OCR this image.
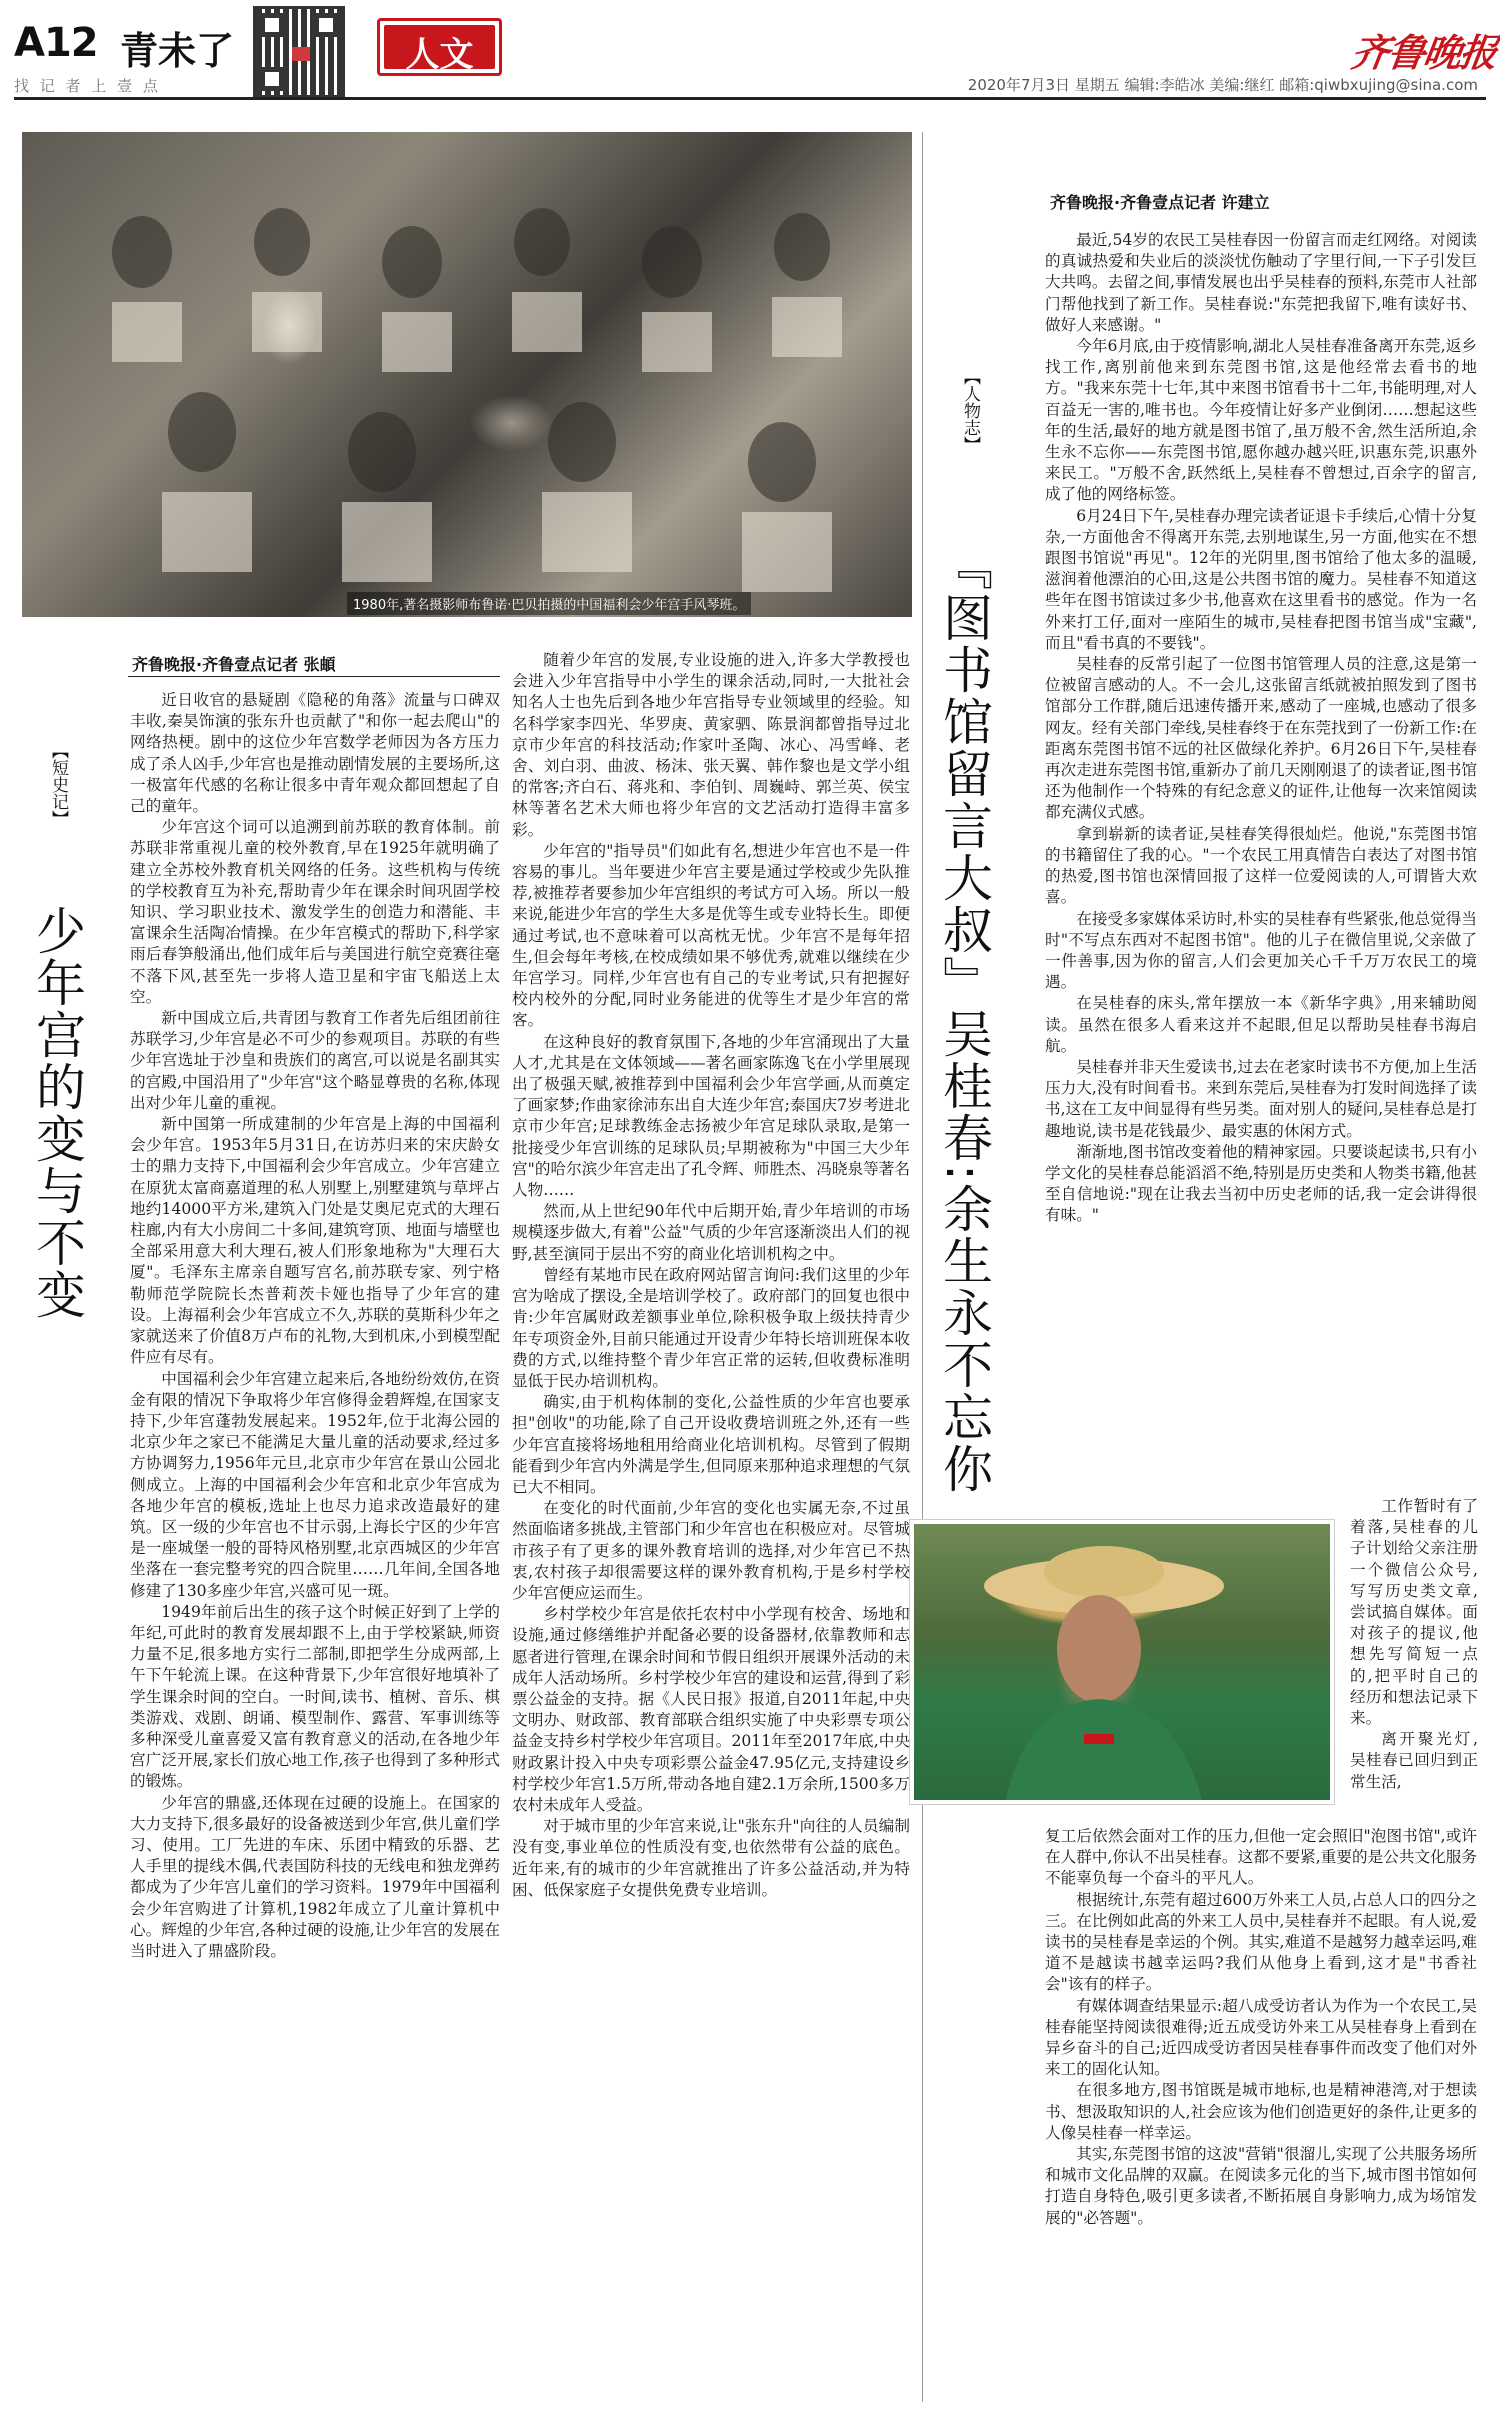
A12 青未了	人文
找 记 者 上 壹 点
齐鲁晚报
2020年7月3日 星期五 编辑:李皓冰 美编:继红 邮箱:qiwbxujing@sina.com
1980年,著名摄影师布鲁诺·巴贝拍摄的中国福利会少年宫手风琴班。
【短史记】
少年宫的变与不变
齐鲁晚报·齐鲁壹点记者 张頔

近日收官的悬疑剧《隐秘的角落》流量与口碑双丰收,秦昊饰演的张东升也贡献了"和你一起去爬山"的网络热梗。剧中的这位少年宫数学老师因为各方压力成了杀人凶手,少年宫也是推动剧情发展的主要场所,这一极富年代感的名称让很多中青年观众都回想起了自己的童年。

少年宫这个词可以追溯到前苏联的教育体制。前苏联非常重视儿童的校外教育,早在1925年就明确了建立全苏校外教育机关网络的任务。这些机构与传统的学校教育互为补充,帮助青少年在课余时间巩固学校知识、学习职业技术、激发学生的创造力和潜能、丰富课余生活陶冶情操。在少年宫模式的帮助下,科学家雨后春笋般涌出,他们成年后与美国进行航空竞赛往毫不落下风,甚至先一步将人造卫星和宇宙飞船送上太空。

新中国成立后,共青团与教育工作者先后组团前往苏联学习,少年宫是必不可少的参观项目。苏联的有些少年宫选址于沙皇和贵族们的离宫,可以说是名副其实的宫殿,中国沿用了"少年宫"这个略显尊贵的名称,体现出对少年儿童的重视。

新中国第一所成建制的少年宫是上海的中国福利会少年宫。1953年5月31日,在访苏归来的宋庆龄女士的鼎力支持下,中国福利会少年宫成立。少年宫建立在原犹太富商嘉道理的私人别墅上,别墅建筑与草坪占地约14000平方米,建筑入门处是艾奥尼克式的大理石柱廊,内有大小房间二十多间,建筑穹顶、地面与墙壁也全部采用意大利大理石,被人们形象地称为"大理石大厦"。毛泽东主席亲自题写宫名,前苏联专家、列宁格勒师范学院院长杰普莉茨卡娅也指导了少年宫的建设。上海福利会少年宫成立不久,苏联的莫斯科少年之家就送来了价值8万卢布的礼物,大到机床,小到模型配件应有尽有。

中国福利会少年宫建立起来后,各地纷纷效仿,在资金有限的情况下争取将少年宫修得金碧辉煌,在国家支持下,少年宫蓬勃发展起来。1952年,位于北海公园的北京少年之家已不能满足大量儿童的活动要求,经过多方协调努力,1956年元旦,北京市少年宫在景山公园北侧成立。上海的中国福利会少年宫和北京少年宫成为各地少年宫的模板,选址上也尽力追求改造最好的建筑。区一级的少年宫也不甘示弱,上海长宁区的少年宫是一座城堡一般的哥特风格别墅,北京西城区的少年宫坐落在一套完整考究的四合院里……几年间,全国各地修建了130多座少年宫,兴盛可见一斑。

1949年前后出生的孩子这个时候正好到了上学的年纪,可此时的教育发展却跟不上,由于学校紧缺,师资力量不足,很多地方实行二部制,即把学生分成两部,上午下午轮流上课。在这种背景下,少年宫很好地填补了学生课余时间的空白。一时间,读书、植树、音乐、棋类游戏、戏剧、朗诵、模型制作、露营、军事训练等多种深受儿童喜爱又富有教育意义的活动,在各地少年宫广泛开展,家长们放心地工作,孩子也得到了多种形式的锻炼。

少年宫的鼎盛,还体现在过硬的设施上。在国家的大力支持下,很多最好的设备被送到少年宫,供儿童们学习、使用。工厂先进的车床、乐团中精致的乐器、艺人手里的提线木偶,代表国防科技的无线电和独龙弹药都成为了少年宫儿童们的学习资料。1979年中国福利会少年宫购进了计算机,1982年成立了儿童计算机中心。辉煌的少年宫,各种过硬的设施,让少年宫的发展在当时进入了鼎盛阶段。

随着少年宫的发展,专业设施的进入,许多大学教授也会进入少年宫指导中小学生的课余活动,同时,一大批社会知名人士也先后到各地少年宫指导专业领域里的经验。知名科学家李四光、华罗庚、黄家驷、陈景润都曾指导过北京市少年宫的科技活动;作家叶圣陶、冰心、冯雪峰、老舍、刘白羽、曲波、杨沫、张天翼、韩作黎也是文学小组的常客;齐白石、蒋兆和、李伯钊、周巍峙、郭兰英、侯宝林等著名艺术大师也将少年宫的文艺活动打造得丰富多彩。

少年宫的"指导员"们如此有名,想进少年宫也不是一件容易的事儿。当年要进少年宫主要是通过学校或少先队推荐,被推荐者要参加少年宫组织的考试方可入场。所以一般来说,能进少年宫的学生大多是优等生或专业特长生。即便通过考试,也不意味着可以高枕无忧。少年宫不是每年招生,但会每年考核,在校成绩如果不够优秀,就难以继续在少年宫学习。同样,少年宫也有自己的专业考试,只有把握好校内校外的分配,同时业务能进的优等生才是少年宫的常客。

在这种良好的教育氛围下,各地的少年宫涌现出了大量人才,尤其是在文体领域——著名画家陈逸飞在小学里展现出了极强天赋,被推荐到中国福利会少年宫学画,从而奠定了画家梦;作曲家徐沛东出自大连少年宫;泰国庆7岁考进北京市少年宫;足球教练金志扬被少年宫足球队录取,是第一批接受少年宫训练的足球队员;早期被称为"中国三大少年宫"的哈尔滨少年宫走出了孔令辉、师胜杰、冯晓泉等著名人物……

然而,从上世纪90年代中后期开始,青少年培训的市场规模逐步做大,有着"公益"气质的少年宫逐渐淡出人们的视野,甚至演同于层出不穷的商业化培训机构之中。

曾经有某地市民在政府网站留言询问:我们这里的少年宫为啥成了摆设,全是培训学校了。政府部门的回复也很中肯:少年宫属财政差额事业单位,除积极争取上级扶持青少年专项资金外,目前只能通过开设青少年特长培训班保本收费的方式,以维持整个青少年宫正常的运转,但收费标准明显低于民办培训机构。

确实,由于机构体制的变化,公益性质的少年宫也要承担"创收"的功能,除了自己开设收费培训班之外,还有一些少年宫直接将场地租用给商业化培训机构。尽管到了假期能看到少年宫内外满是学生,但同原来那种追求理想的气氛已大不相同。

在变化的时代面前,少年宫的变化也实属无奈,不过虽然面临诸多挑战,主管部门和少年宫也在积极应对。尽管城市孩子有了更多的课外教育培训的选择,对少年宫已不热衷,农村孩子却很需要这样的课外教育机构,于是乡村学校少年宫便应运而生。

乡村学校少年宫是依托农村中小学现有校舍、场地和设施,通过修缮维护并配备必要的设备器材,依靠教师和志愿者进行管理,在课余时间和节假日组织开展课外活动的未成年人活动场所。乡村学校少年宫的建设和运营,得到了彩票公益金的支持。据《人民日报》报道,自2011年起,中央文明办、财政部、教育部联合组织实施了中央彩票专项公益金支持乡村学校少年宫项目。2011年至2017年底,中央财政累计投入中央专项彩票公益金47.95亿元,支持建设乡村学校少年宫1.5万所,带动各地自建2.1万余所,1500多万农村未成年人受益。

对于城市里的少年宫来说,让"张东升"向往的人员编制没有变,事业单位的性质没有变,也依然带有公益的底色。近年来,有的城市的少年宫就推出了许多公益活动,并为特困、低保家庭子女提供免费专业培训。

【人物志】
『图书馆留言大叔』吴桂春:余生永不忘你
齐鲁晚报·齐鲁壹点记者 许建立

最近,54岁的农民工吴桂春因一份留言而走红网络。对阅读的真诚热爱和失业后的淡淡忧伤触动了字里行间,一下子引发巨大共鸣。去留之间,事情发展也出乎吴桂春的预料,东莞市人社部门帮他找到了新工作。吴桂春说:"东莞把我留下,唯有读好书、做好人来感谢。"

今年6月底,由于疫情影响,湖北人吴桂春准备离开东莞,返乡找工作,离别前他来到东莞图书馆,这是他经常去看书的地方。"我来东莞十七年,其中来图书馆看书十二年,书能明理,对人百益无一害的,唯书也。今年疫情让好多产业倒闭……想起这些年的生活,最好的地方就是图书馆了,虽万般不舍,然生活所迫,余生永不忘你——东莞图书馆,愿你越办越兴旺,识惠东莞,识惠外来民工。"万般不舍,跃然纸上,吴桂春不曾想过,百余字的留言,成了他的网络标签。

6月24日下午,吴桂春办理完读者证退卡手续后,心情十分复杂,一方面他舍不得离开东莞,去别地谋生,另一方面,他实在不想跟图书馆说"再见"。12年的光阴里,图书馆给了他太多的温暖,滋润着他漂泊的心田,这是公共图书馆的魔力。吴桂春不知道这些年在图书馆读过多少书,他喜欢在这里看书的感觉。作为一名外来打工仔,面对一座陌生的城市,吴桂春把图书馆当成"宝藏",而且"看书真的不要钱"。

吴桂春的反常引起了一位图书馆管理人员的注意,这是第一位被留言感动的人。不一会儿,这张留言纸就被拍照发到了图书馆部分工作群,随后迅速传播开来,感动了一座城,也感动了很多网友。经有关部门牵线,吴桂春终于在东莞找到了一份新工作:在距离东莞图书馆不远的社区做绿化养护。6月26日下午,吴桂春再次走进东莞图书馆,重新办了前几天刚刚退了的读者证,图书馆还为他制作一个特殊的有纪念意义的证件,让他每一次来馆阅读都充满仪式感。

拿到崭新的读者证,吴桂春笑得很灿烂。他说,"东莞图书馆的书籍留住了我的心。"一个农民工用真情告白表达了对图书馆的热爱,图书馆也深情回报了这样一位爱阅读的人,可谓皆大欢喜。

在接受多家媒体采访时,朴实的吴桂春有些紧张,他总觉得当时"不写点东西对不起图书馆"。他的儿子在微信里说,父亲做了一件善事,因为你的留言,人们会更加关心千千万万农民工的境遇。

在吴桂春的床头,常年摆放一本《新华字典》,用来辅助阅读。虽然在很多人看来这并不起眼,但足以帮助吴桂春书海启航。

吴桂春并非天生爱读书,过去在老家时读书不方便,加上生活压力大,没有时间看书。来到东莞后,吴桂春为打发时间选择了读书,这在工友中间显得有些另类。面对别人的疑问,吴桂春总是打趣地说,读书是花钱最少、最实惠的休闲方式。

渐渐地,图书馆改变着他的精神家园。只要谈起读书,只有小学文化的吴桂春总能滔滔不绝,特别是历史类和人物类书籍,他甚至自信地说:"现在让我去当初中历史老师的话,我一定会讲得很有味。"

工作暂时有了着落,吴桂春的儿子计划给父亲注册一个微信公众号,写写历史类文章,尝试搞自媒体。面对孩子的提议,他想先写简短一点的,把平时自己的经历和想法记录下来。

离开聚光灯,吴桂春已回归到正常生活,

复工后依然会面对工作的压力,但他一定会照旧"泡图书馆",或许在人群中,你认不出吴桂春。这都不要紧,重要的是公共文化服务不能辜负每一个奋斗的平凡人。

根据统计,东莞有超过600万外来工人员,占总人口的四分之三。在比例如此高的外来工人员中,吴桂春并不起眼。有人说,爱读书的吴桂春是幸运的个例。其实,难道不是越努力越幸运吗,难道不是越读书越幸运吗?我们从他身上看到,这才是"书香社会"该有的样子。

有媒体调查结果显示:超八成受访者认为作为一个农民工,吴桂春能坚持阅读很难得;近五成受访外来工从吴桂春身上看到在异乡奋斗的自己;近四成受访者因吴桂春事件而改变了他们对外来工的固化认知。

在很多地方,图书馆既是城市地标,也是精神港湾,对于想读书、想汲取知识的人,社会应该为他们创造更好的条件,让更多的人像吴桂春一样幸运。

其实,东莞图书馆的这波"营销"很溜儿,实现了公共服务场所和城市文化品牌的双赢。在阅读多元化的当下,城市图书馆如何打造自身特色,吸引更多读者,不断拓展自身影响力,成为场馆发展的"必答题"。
